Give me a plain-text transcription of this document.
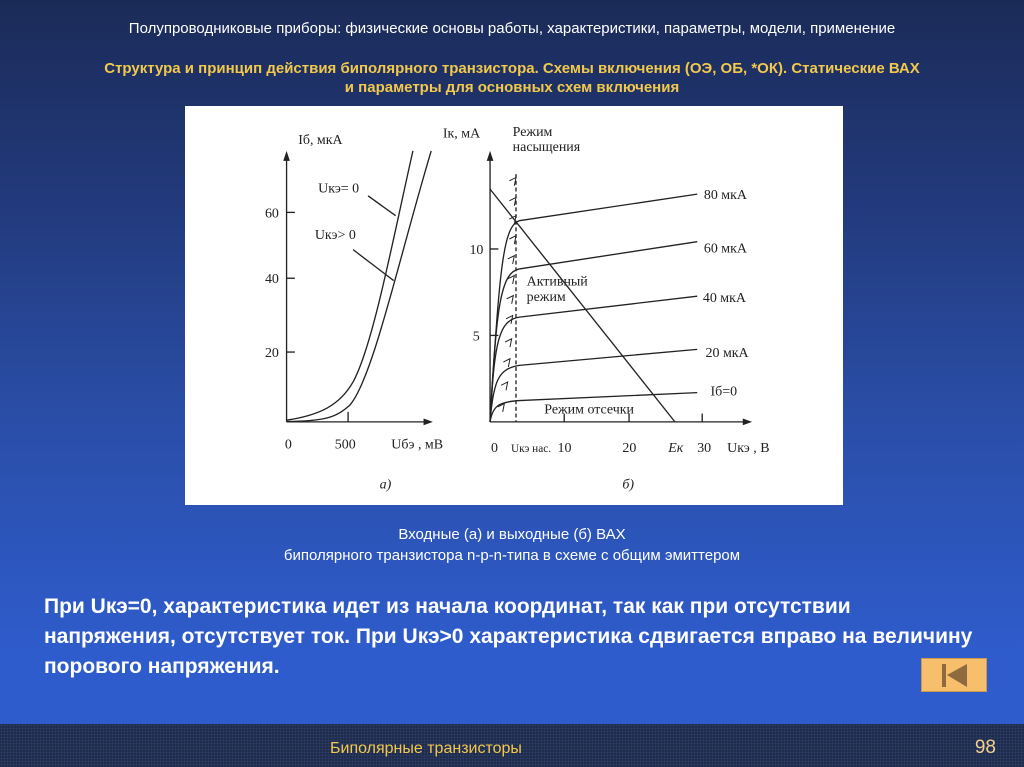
Полупроводниковые приборы: физические основы работы, характеристики, параметры, модели, применение
Структура и принцип действия биполярного транзистора. Схемы включения (ОЭ, ОБ, *ОК). Статические ВАХ
и параметры для основных схем включения
Iб, мкА
60
40
20
0 500 Uбэ , мВ
Uкэ= 0
Uкэ> 0
а)
Iк, мА
10
5
0 Uкэ нас. 10 20 Eк 30 Uкэ , В
Режим насыщения
Активный режим
Режим отсечки
80 мкА
60 мкА
40 мкА
20 мкА
Iб=0
б)
Входные (а) и выходные (б) ВАХ
биполярного транзистора n-p-n-типа в схеме с общим эмиттером
При Uкэ=0, характеристика идет из начала координат, так как при отсутствии напряжения, отсутствует ток. При Uкэ>0 характеристика сдвигается вправо на величину порового напряжения.
Биполярные транзисторы	98
